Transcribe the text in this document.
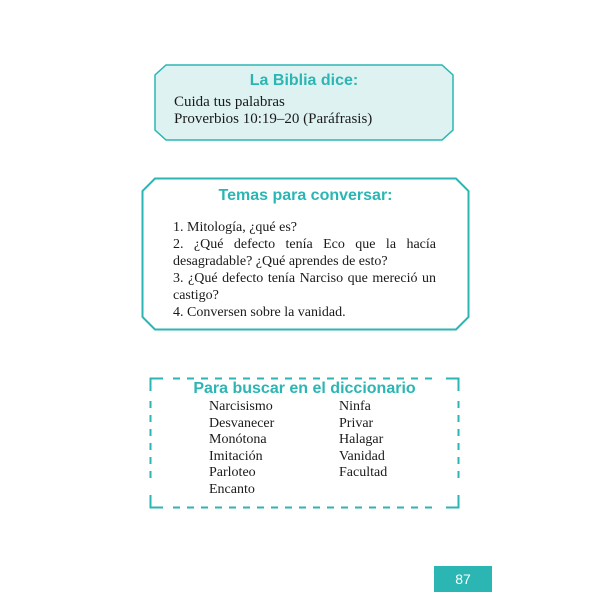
La Biblia dice:
Cuida tus palabras
Proverbios 10:19–20 (Paráfrasis)
Temas para conversar:
1. Mitología, ¿qué es?
2. ¿Qué defecto tenía Eco que la hacía desagradable? ¿Qué aprendes de esto?
3. ¿Qué defecto tenía Narciso que mereció un castigo?
4. Conversen sobre la vanidad.
Para buscar en el diccionario
Narcisismo
Desvanecer
Monótona
Imitación
Parloteo
Encanto
Ninfa
Privar
Halagar
Vanidad
Facultad
87
